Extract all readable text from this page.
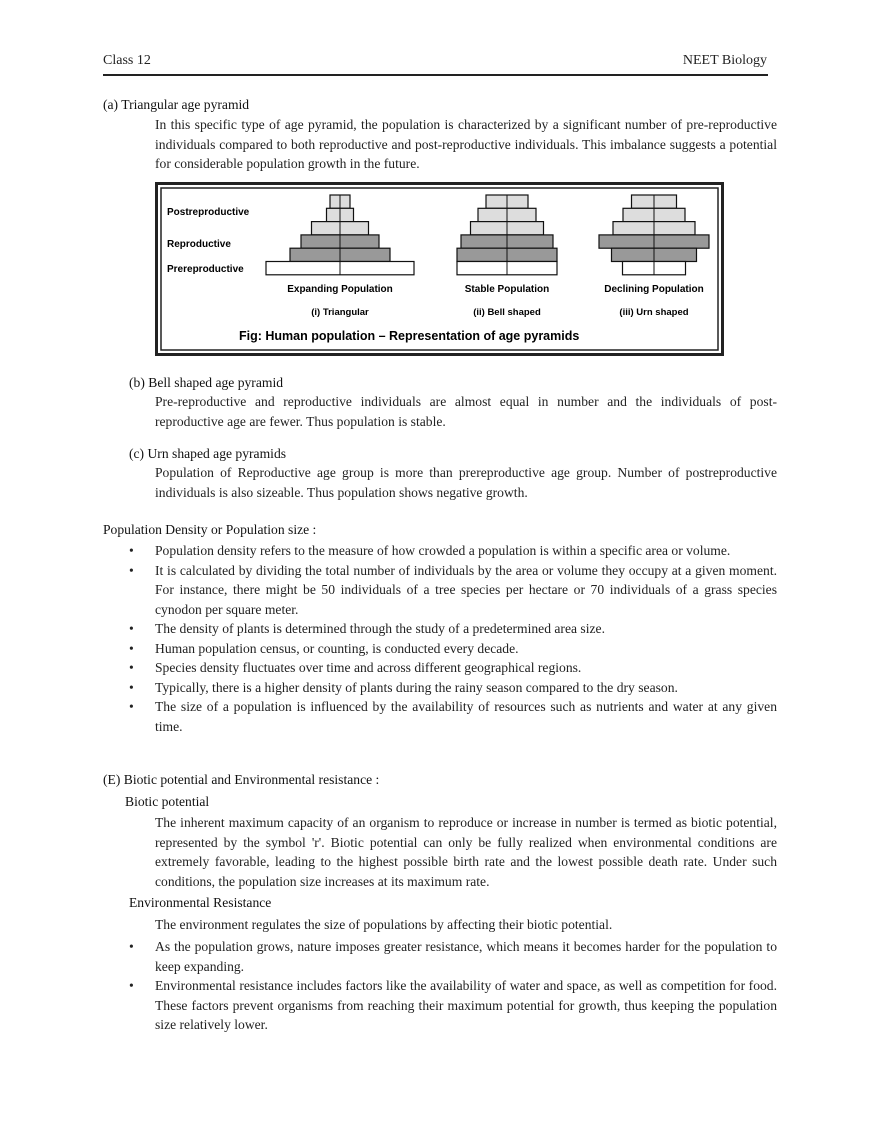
Class 12	NEET Biology
(a) Triangular age pyramid
In this specific type of age pyramid, the population is characterized by a significant number of pre-reproductive individuals compared to both reproductive and post-reproductive individuals. This imbalance suggests a potential for considerable population growth in the future.
Expanding Population
(i) Triangular
Stable Population
(ii) Bell shaped
Declining Population
(iii) Urn shaped
Postreproductive
Reproductive
Prereproductive
Fig: Human population – Representation of age pyramids
(b) Bell shaped age pyramid
Pre-reproductive and reproductive individuals are almost equal in number and the individuals of post-reproductive age are fewer. Thus population is stable.
(c) Urn shaped age pyramids
Population of Reproductive age group is more than prereproductive age group. Number of postreproductive individuals is also sizeable. Thus population shows negative growth.
Population Density or Population size :
• Population density refers to the measure of how crowded a population is within a specific area or volume.
• It is calculated by dividing the total number of individuals by the area or volume they occupy at a given moment. For instance, there might be 50 individuals of a tree species per hectare or 70 individuals of a grass species cynodon per square meter.
• The density of plants is determined through the study of a predetermined area size.
• Human population census, or counting, is conducted every decade.
• Species density fluctuates over time and across different geographical regions.
• Typically, there is a higher density of plants during the rainy season compared to the dry season.
• The size of a population is influenced by the availability of resources such as nutrients and water at any given time.
(E) Biotic potential and Environmental resistance :
Biotic potential
The inherent maximum capacity of an organism to reproduce or increase in number is termed as biotic potential, represented by the symbol 'r'. Biotic potential can only be fully realized when environmental conditions are extremely favorable, leading to the highest possible birth rate and the lowest possible death rate. Under such conditions, the population size increases at its maximum rate.
Environmental Resistance
The environment regulates the size of populations by affecting their biotic potential.
• As the population grows, nature imposes greater resistance, which means it becomes harder for the population to keep expanding.
• Environmental resistance includes factors like the availability of water and space, as well as competition for food. These factors prevent organisms from reaching their maximum potential for growth, thus keeping the population size relatively lower.
